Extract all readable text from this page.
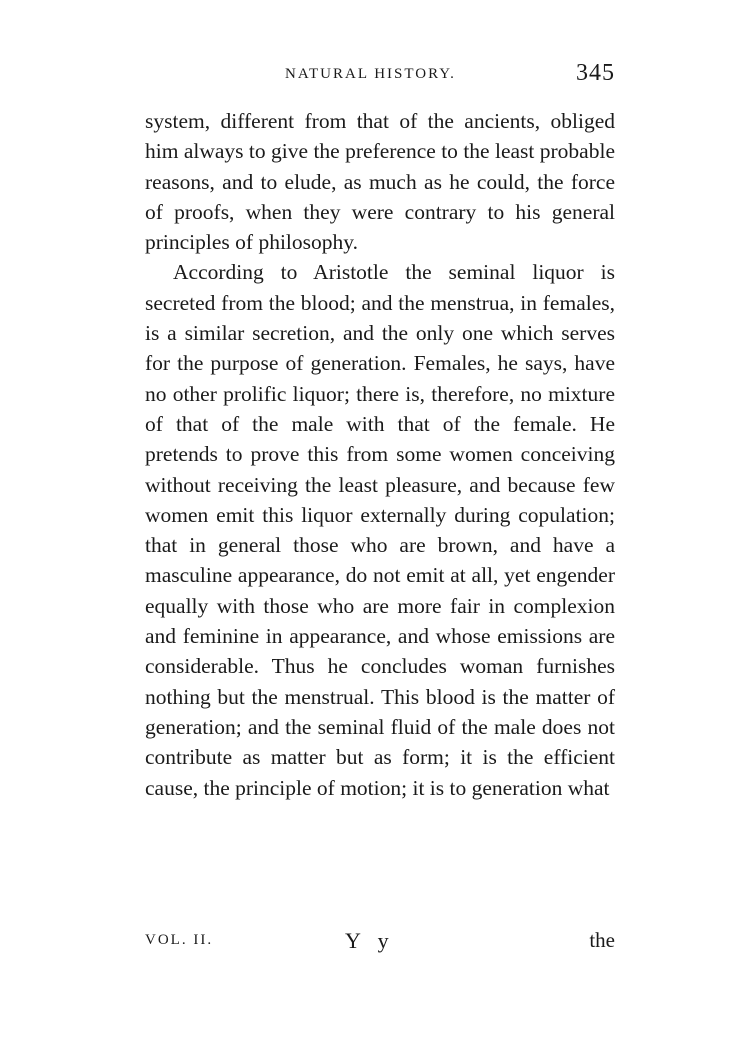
NATURAL HISTORY.	345

system, different from that of the ancients, obliged him always to give the preference to the least probable reasons, and to elude, as much as he could, the force of proofs, when they were contrary to his general principles of philosophy.

According to Aristotle the seminal liquor is secreted from the blood; and the menstrua, in females, is a similar secretion, and the only one which serves for the purpose of generation. Females, he says, have no other prolific liquor; there is, therefore, no mixture of that of the male with that of the female. He pretends to prove this from some women conceiving without receiving the least pleasure, and because few women emit this liquor externally during copulation; that in general those who are brown, and have a masculine appearance, do not emit at all, yet engender equally with those who are more fair in complexion and feminine in appearance, and whose emissions are considerable. Thus he concludes woman furnishes nothing but the menstrual. This blood is the matter of generation; and the seminal fluid of the male does not contribute as matter but as form; it is the efficient cause, the principle of motion; it is to generation what

VOL. II.	Y y	the
